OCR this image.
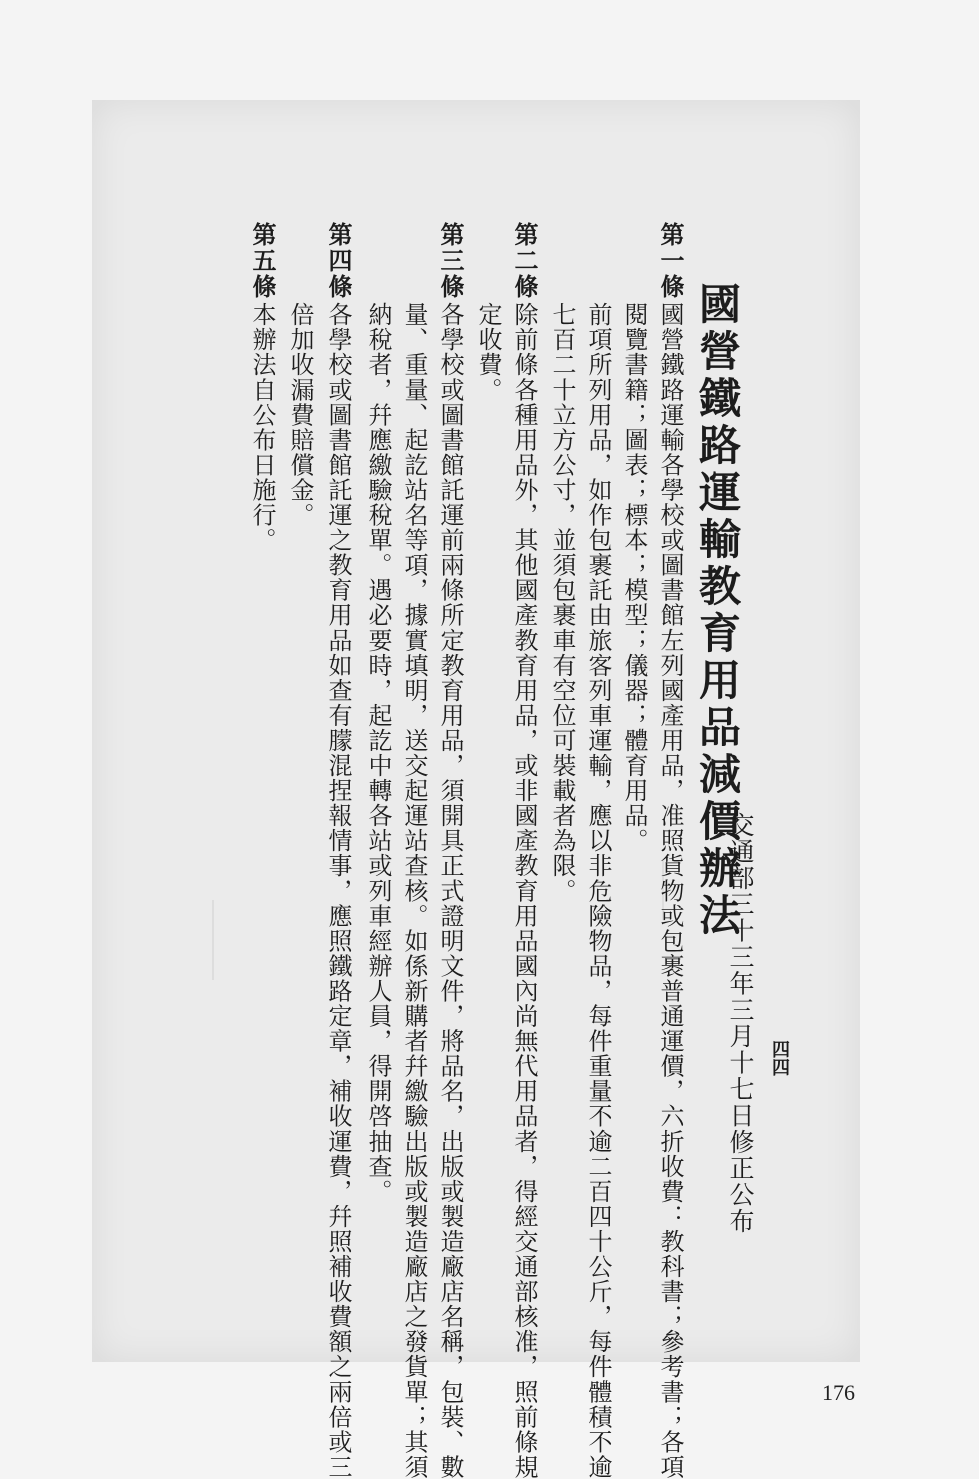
國營鐵路運輸教育用品減價辦法
交通部三十三年三月十七日修正公布 四四
第一條
國營鐵路運輸各學校或圖書館左列國產用品，准照貨物或包裹普通運價，六折收費：教科書；參考書；各項
閱覽書籍；圖表；標本；模型；儀器；體育用品。
前項所列用品，如作包裹託由旅客列車運輸，應以非危險物品，每件重量不逾二百四十公斤，每件體積不逾
七百二十立方公寸，並須包裹車有空位可裝載者為限。
第二條
除前條各種用品外，其他國產教育用品，或非國產教育用品國內尚無代用品者，得經交通部核准，照前條規
定收費。
第三條
各學校或圖書館託運前兩條所定教育用品，須開具正式證明文件，將品名，出版或製造廠店名稱，包裝、數
量、重量、起訖站名等項，據實填明，送交起運站查核。如係新購者幷繳驗出版或製造廠店之發貨單；其須
納稅者，幷應繳驗稅單。遇必要時，起訖中轉各站或列車經辦人員，得開啓抽查。
第四條
各學校或圖書館託運之教育用品如查有朦混捏報情事，應照鐵路定章，補收運費，幷照補收費額之兩倍或三
倍加收漏費賠償金。
第五條
本辦法自公布日施行。
176
